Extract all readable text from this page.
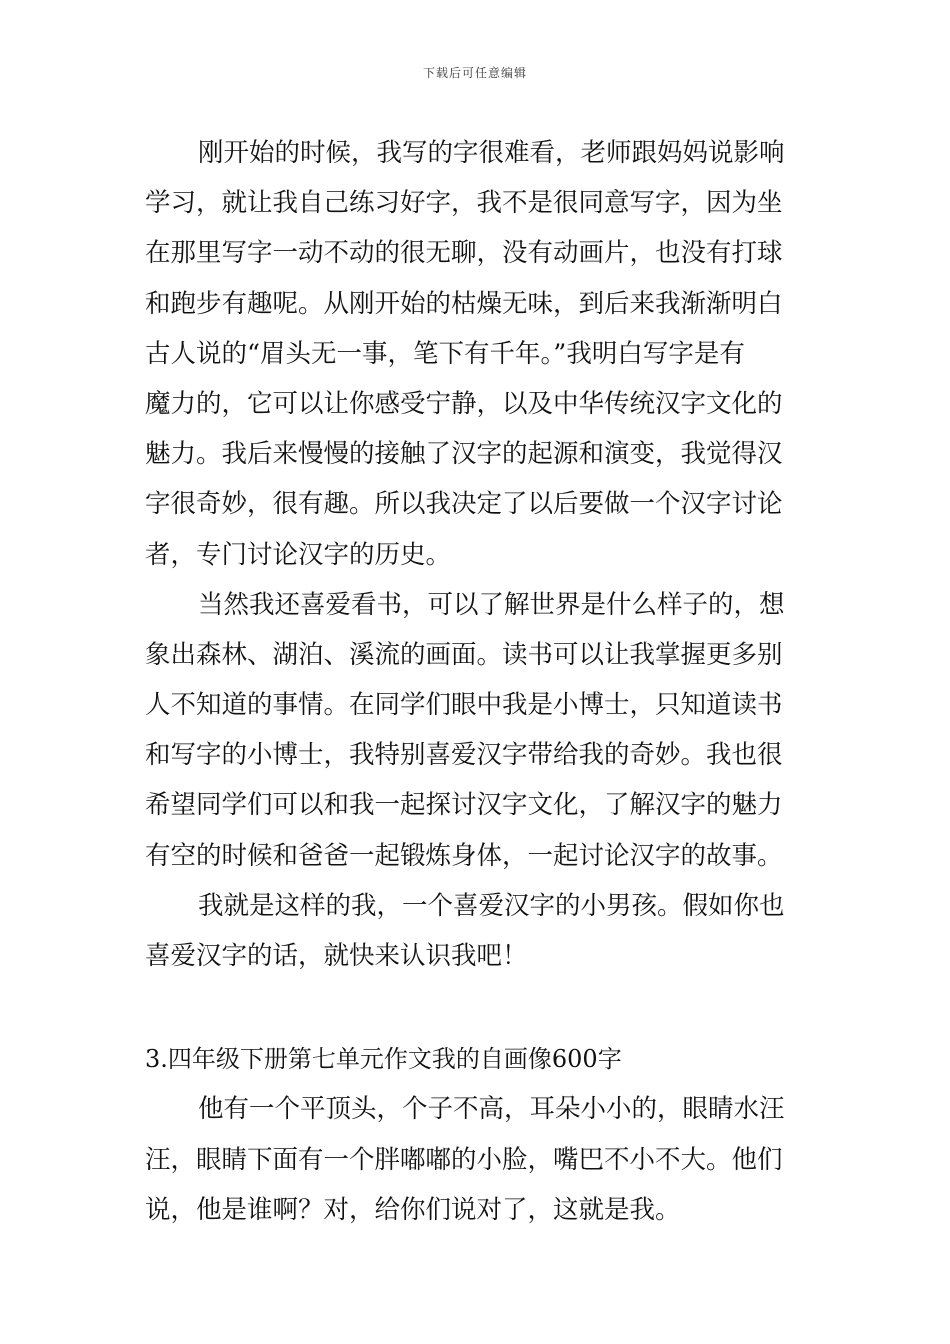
下载后可任意编辑
刚开始的时候，我写的字很难看，老师跟妈妈说影响
学习，就让我自己练习好字，我不是很同意写字，因为坐
在那里写字一动不动的很无聊，没有动画片，也没有打球
和跑步有趣呢。从刚开始的枯燥无味，到后来我渐渐明白
古人说的“眉头无一事，笔下有千年。”我明白写字是有
魔力的，它可以让你感受宁静，以及中华传统汉字文化的
魅力。我后来慢慢的接触了汉字的起源和演变，我觉得汉
字很奇妙，很有趣。所以我决定了以后要做一个汉字讨论
者，专门讨论汉字的历史。
当然我还喜爱看书，可以了解世界是什么样子的，想
象出森林、湖泊、溪流的画面。读书可以让我掌握更多别
人不知道的事情。在同学们眼中我是小博士，只知道读书
和写字的小博士，我特别喜爱汉字带给我的奇妙。我也很
希望同学们可以和我一起探讨汉字文化，了解汉字的魅力
有空的时候和爸爸一起锻炼身体，一起讨论汉字的故事。
我就是这样的我，一个喜爱汉字的小男孩。假如你也
喜爱汉字的话，就快来认识我吧！
3.四年级下册第七单元作文我的自画像600字
他有一个平顶头，个子不高，耳朵小小的，眼睛水汪
汪，眼睛下面有一个胖嘟嘟的小脸，嘴巴不小不大。他们
说，他是谁啊？对，给你们说对了，这就是我。
